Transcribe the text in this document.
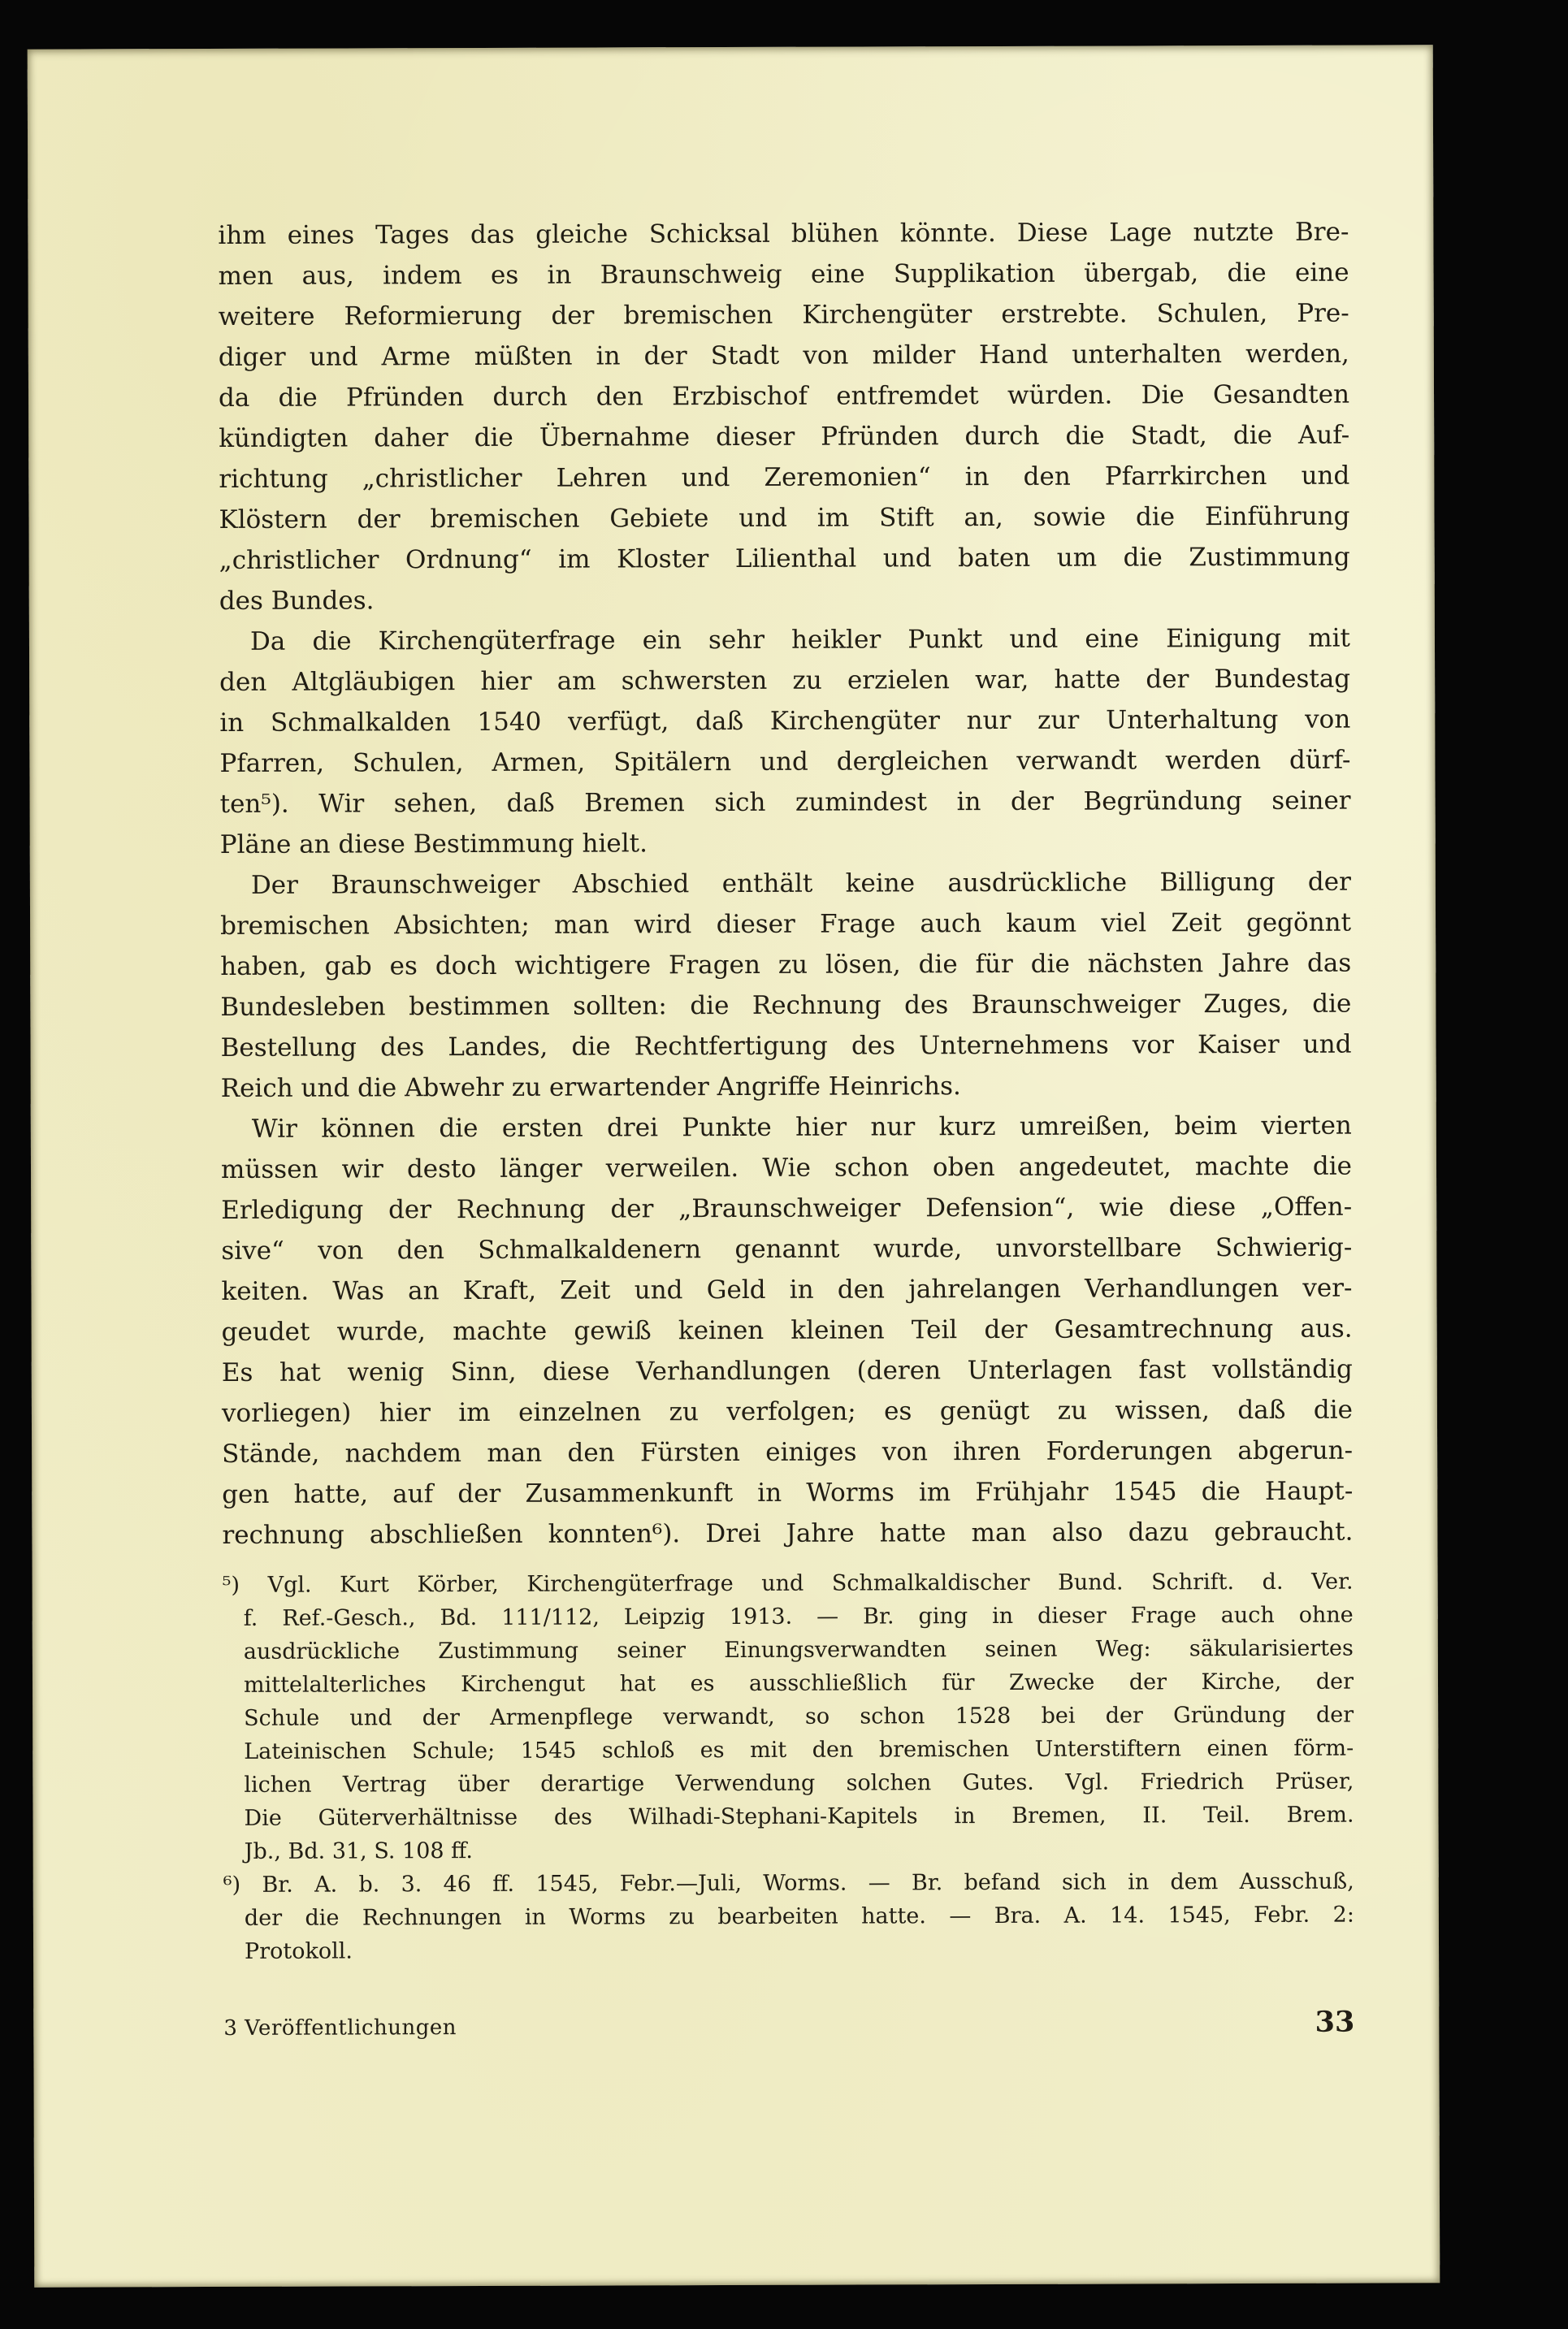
ihm eines Tages das gleiche Schicksal blühen könnte. Diese Lage nutzte Bre-
men aus, indem es in Braunschweig eine Supplikation übergab, die eine
weitere Reformierung der bremischen Kirchengüter erstrebte. Schulen, Pre-
diger und Arme müßten in der Stadt von milder Hand unterhalten werden,
da die Pfründen durch den Erzbischof entfremdet würden. Die Gesandten
kündigten daher die Übernahme dieser Pfründen durch die Stadt, die Auf-
richtung „christlicher Lehren und Zeremonien“ in den Pfarrkirchen und
Klöstern der bremischen Gebiete und im Stift an, sowie die Einführung
„christlicher Ordnung“ im Kloster Lilienthal und baten um die Zustimmung
des Bundes.
Da die Kirchengüterfrage ein sehr heikler Punkt und eine Einigung mit
den Altgläubigen hier am schwersten zu erzielen war, hatte der Bundestag
in Schmalkalden 1540 verfügt, daß Kirchengüter nur zur Unterhaltung von
Pfarren, Schulen, Armen, Spitälern und dergleichen verwandt werden dürf-
ten⁵). Wir sehen, daß Bremen sich zumindest in der Begründung seiner
Pläne an diese Bestimmung hielt.
Der Braunschweiger Abschied enthält keine ausdrückliche Billigung der
bremischen Absichten; man wird dieser Frage auch kaum viel Zeit gegönnt
haben, gab es doch wichtigere Fragen zu lösen, die für die nächsten Jahre das
Bundesleben bestimmen sollten: die Rechnung des Braunschweiger Zuges, die
Bestellung des Landes, die Rechtfertigung des Unternehmens vor Kaiser und
Reich und die Abwehr zu erwartender Angriffe Heinrichs.
Wir können die ersten drei Punkte hier nur kurz umreißen, beim vierten
müssen wir desto länger verweilen. Wie schon oben angedeutet, machte die
Erledigung der Rechnung der „Braunschweiger Defension“, wie diese „Offen-
sive“ von den Schmalkaldenern genannt wurde, unvorstellbare Schwierig-
keiten. Was an Kraft, Zeit und Geld in den jahrelangen Verhandlungen ver-
geudet wurde, machte gewiß keinen kleinen Teil der Gesamtrechnung aus.
Es hat wenig Sinn, diese Verhandlungen (deren Unterlagen fast vollständig
vorliegen) hier im einzelnen zu verfolgen; es genügt zu wissen, daß die
Stände, nachdem man den Fürsten einiges von ihren Forderungen abgerun-
gen hatte, auf der Zusammenkunft in Worms im Frühjahr 1545 die Haupt-
rechnung abschließen konnten⁶). Drei Jahre hatte man also dazu gebraucht.
⁵) Vgl. Kurt Körber, Kirchengüterfrage und Schmalkaldischer Bund. Schrift. d. Ver.
f. Ref.-Gesch., Bd. 111/112, Leipzig 1913. — Br. ging in dieser Frage auch ohne
ausdrückliche Zustimmung seiner Einungsverwandten seinen Weg: säkularisiertes
mittelalterliches Kirchengut hat es ausschließlich für Zwecke der Kirche, der
Schule und der Armenpflege verwandt, so schon 1528 bei der Gründung der
Lateinischen Schule; 1545 schloß es mit den bremischen Unterstiftern einen förm-
lichen Vertrag über derartige Verwendung solchen Gutes. Vgl. Friedrich Prüser,
Die Güterverhältnisse des Wilhadi-Stephani-Kapitels in Bremen, II. Teil. Brem.
Jb., Bd. 31, S. 108 ff.
⁶) Br. A. b. 3. 46 ff. 1545, Febr.—Juli, Worms. — Br. befand sich in dem Ausschuß,
der die Rechnungen in Worms zu bearbeiten hatte. — Bra. A. 14. 1545, Febr. 2:
Protokoll.
3 Veröffentlichungen	33
